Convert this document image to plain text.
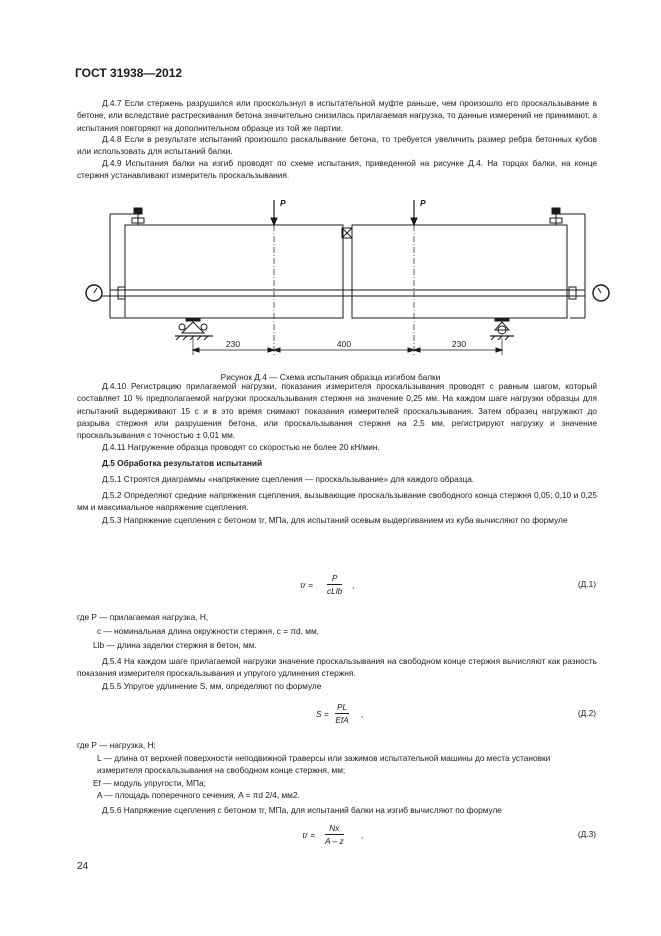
ГОСТ 31938—2012
Д.4.7 Если стержень разрушился или проскользнул в испытательной муфте раньше, чем произошло его проскальзывание в бетоне, или вследствие растрескивания бетона значительно снизилась прилагаемая нагрузка, то данные измерений не принимают, а испытания повторяют на дополнительном образце из той же партии.
Д.4.8 Если в результате испытаний произошло раскалывание бетона, то требуется увеличить размер ребра бетонных кубов или использовать для испытаний балки.
Д.4.9 Испытания балки на изгиб проводят по схеме испытания, приведенной на рисунке Д.4. На торцах балки, на конце стержня устанавливают измеритель проскальзывания.
P	P
230	400	230
Рисунок Д.4 — Схема испытания образца изгибом балки
Д.4.10 Регистрацию прилагаемой нагрузки, показания измерителя проскальзывания проводят с равным шагом, который составляет 10 % предполагаемой нагрузки проскальзывания стержня на значение 0,25 мм. На каждом шаге нагрузки образцы для испытаний выдерживают 15 с и в это время снимают показания измерителей проскальзывания. Затем образец нагружают до разрыва стержня или разрушения бетона, или проскальзывания стержня на 2,5 мм, регистрируют нагрузку и значение проскальзывания с точностью ± 0,01 мм.
Д.4.11 Нагружение образца проводят со скоростью не более 20 кН/мин.
Д.5 Обработка результатов испытаний
Д.5.1 Строятся диаграммы «напряжение сцепления — проскальзывание» для каждого образца.
Д.5.2 Определяют средние напряжения сцепления, вызывающие проскальзывание свободного конца стержня 0,05; 0,10 и 0,25 мм и максимальное напряжение сцепления.
Д.5.3 Напряжение сцепления с бетоном τr, МПа, для испытаний осевым выдергиванием из куба вычисляют по формуле
τr =
P
cLlb
,	(Д.1)
где P — прилагаемая нагрузка, Н,
c — номинальная длина окружности стержня, c = πd, мм,
Llb — длина заделки стержня в бетон, мм.
Д.5.4 На каждом шаге прилагаемой нагрузки значение проскальзывания на свободном конце стержня вычисляют как разность показания измерителя проскальзывания и упругого удлинения стержня.
Д.5.5 Упругое удлинение S, мм, определяют по формуле
S =
PL
EfA
,	(Д.2)
где P — нагрузка, Н;
L — длина от верхней поверхности неподвижной траверсы или зажимов испытательной машины до места установки измерителя проскальзывания на свободном конце стержня, мм;
Ef — модуль упругости, МПа;
A — площадь поперечного сечения, A = πd 2/4, мм2.
Д.5.6 Напряжение сцепления с бетоном τr, МПа, для испытаний балки на изгиб вычисляют по формуле
$\tau r = \frac{Nx}{A - z}$ ,	(Д.3)
24
